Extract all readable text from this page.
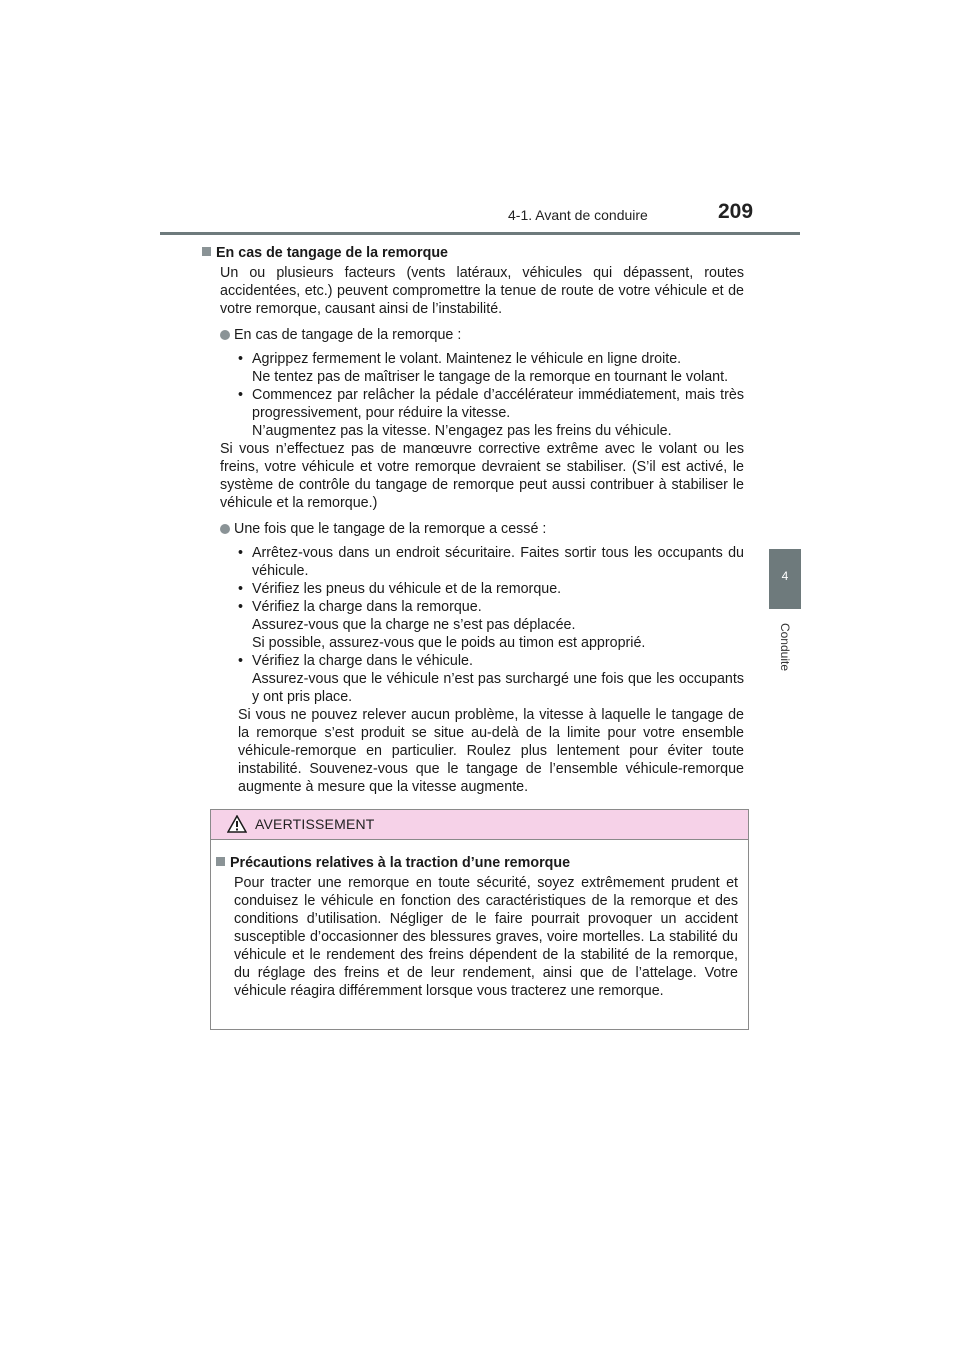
4-1. Avant de conduire	209
4
Conduite

En cas de tangage de la remorque

Un ou plusieurs facteurs (vents latéraux, véhicules qui dépassent, routes accidentées, etc.) peuvent compromettre la tenue de route de votre véhicule et de votre remorque, causant ainsi de l’instabilité.

En cas de tangage de la remorque :
• Agrippez fermement le volant. Maintenez le véhicule en ligne droite.
Ne tentez pas de maîtriser le tangage de la remorque en tournant le volant.
• Commencez par relâcher la pédale d’accélérateur immédiatement, mais très progressivement, pour réduire la vitesse.
N’augmentez pas la vitesse. N’engagez pas les freins du véhicule.

Si vous n’effectuez pas de manœuvre corrective extrême avec le volant ou les freins, votre véhicule et votre remorque devraient se stabiliser. (S’il est activé, le système de contrôle du tangage de remorque peut aussi contribuer à stabiliser le véhicule et la remorque.)

Une fois que le tangage de la remorque a cessé :
• Arrêtez-vous dans un endroit sécuritaire. Faites sortir tous les occupants du véhicule.
• Vérifiez les pneus du véhicule et de la remorque.
• Vérifiez la charge dans la remorque.
Assurez-vous que la charge ne s’est pas déplacée.
Si possible, assurez-vous que le poids au timon est approprié.
• Vérifiez la charge dans le véhicule.
Assurez-vous que le véhicule n’est pas surchargé une fois que les occupants y ont pris place.

Si vous ne pouvez relever aucun problème, la vitesse à laquelle le tangage de la remorque s’est produit se situe au-delà de la limite pour votre ensemble véhicule-remorque en particulier. Roulez plus lentement pour éviter toute instabilité. Souvenez-vous que le tangage de l’ensemble véhicule-remorque augmente à mesure que la vitesse augmente.

AVERTISSEMENT

Précautions relatives à la traction d’une remorque

Pour tracter une remorque en toute sécurité, soyez extrêmement prudent et conduisez le véhicule en fonction des caractéristiques de la remorque et des conditions d’utilisation. Négliger de le faire pourrait provoquer un accident susceptible d’occasionner des blessures graves, voire mortelles. La stabilité du véhicule et le rendement des freins dépendent de la stabilité de la remorque, du réglage des freins et de leur rendement, ainsi que de l’attelage. Votre véhicule réagira différemment lorsque vous tracterez une remorque.
